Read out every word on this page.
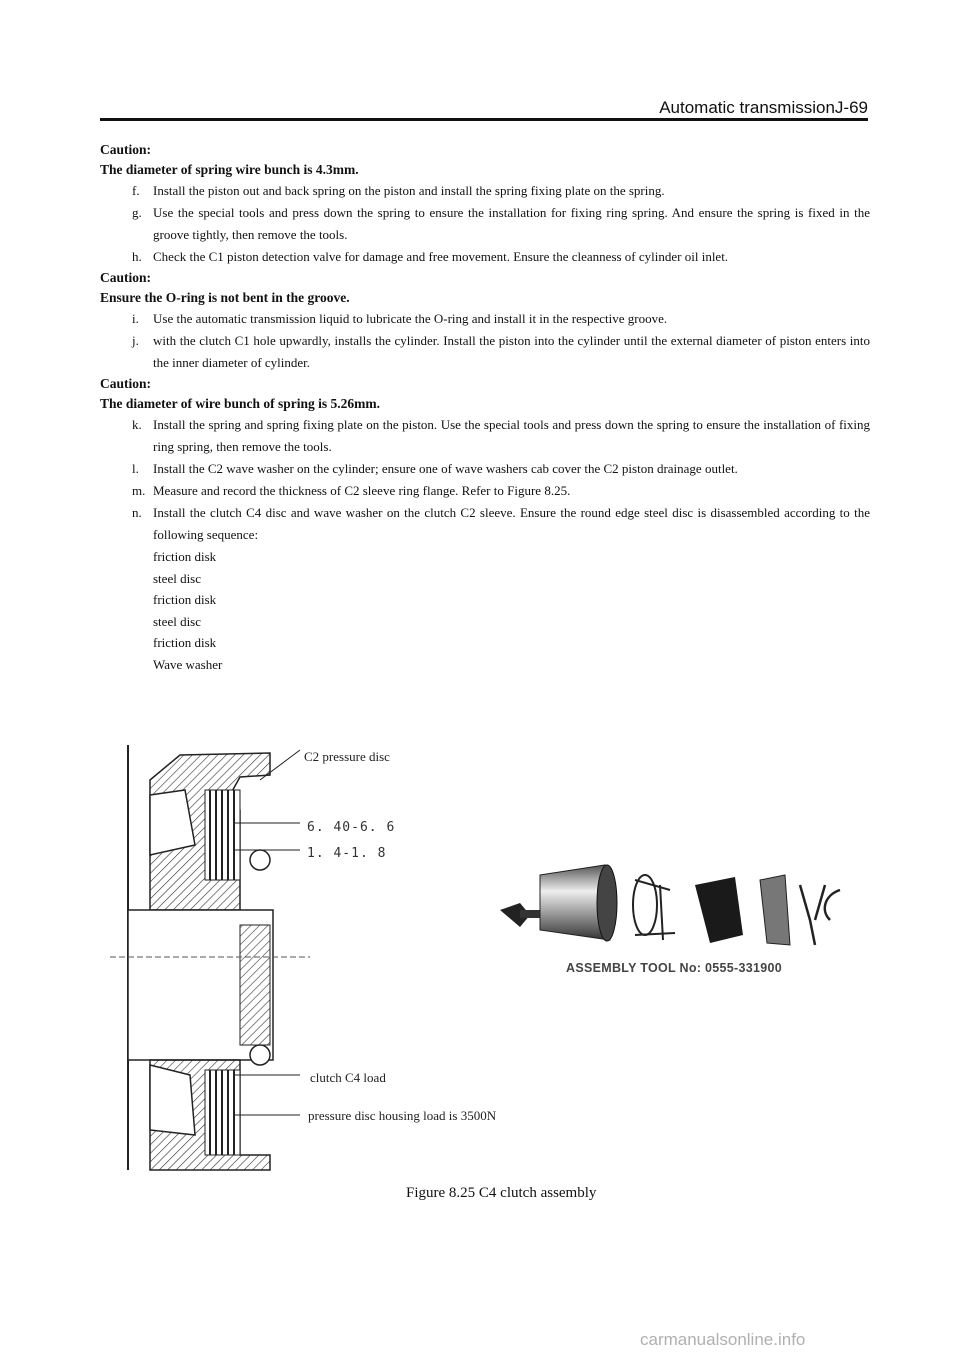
Automatic transmissionJ-69

Caution:

The diameter of spring wire bunch is 4.3mm.

f. Install the piston out and back spring on the piston and install the spring fixing plate on the spring.

g. Use the special tools and press down the spring to ensure the installation for fixing ring spring. And ensure the spring is fixed in the groove tightly, then remove the tools.

h. Check the C1 piston detection valve for damage and free movement. Ensure the cleanness of cylinder oil inlet.

Caution:

Ensure the O-ring is not bent in the groove.

i. Use the automatic transmission liquid to lubricate the O-ring and install it in the respective groove.

j. with the clutch C1 hole upwardly, installs the cylinder. Install the piston into the cylinder until the external diameter of piston enters into the inner diameter of cylinder.

Caution:

The diameter of wire bunch of spring is 5.26mm.

k. Install the spring and spring fixing plate on the piston. Use the special tools and press down the spring to ensure the installation of fixing ring spring, then remove the tools.

l. Install the C2 wave washer on the cylinder; ensure one of wave washers cab cover the C2 piston drainage outlet.

m. Measure and record the thickness of C2 sleeve ring flange. Refer to Figure 8.25.

n. Install the clutch C4 disc and wave washer on the clutch C2 sleeve. Ensure the round edge steel disc is disassembled according to the following sequence:

friction disk
steel disc
friction disk
steel disc
friction disk
Wave washer
C2 pressure disc
6. 40-6. 6
1. 4-1. 8
clutch C4 load
pressure disc housing load is 3500N
ASSEMBLY TOOL No: 0555-331900
Figure 8.25 C4 clutch assembly
carmanualsonline.info
